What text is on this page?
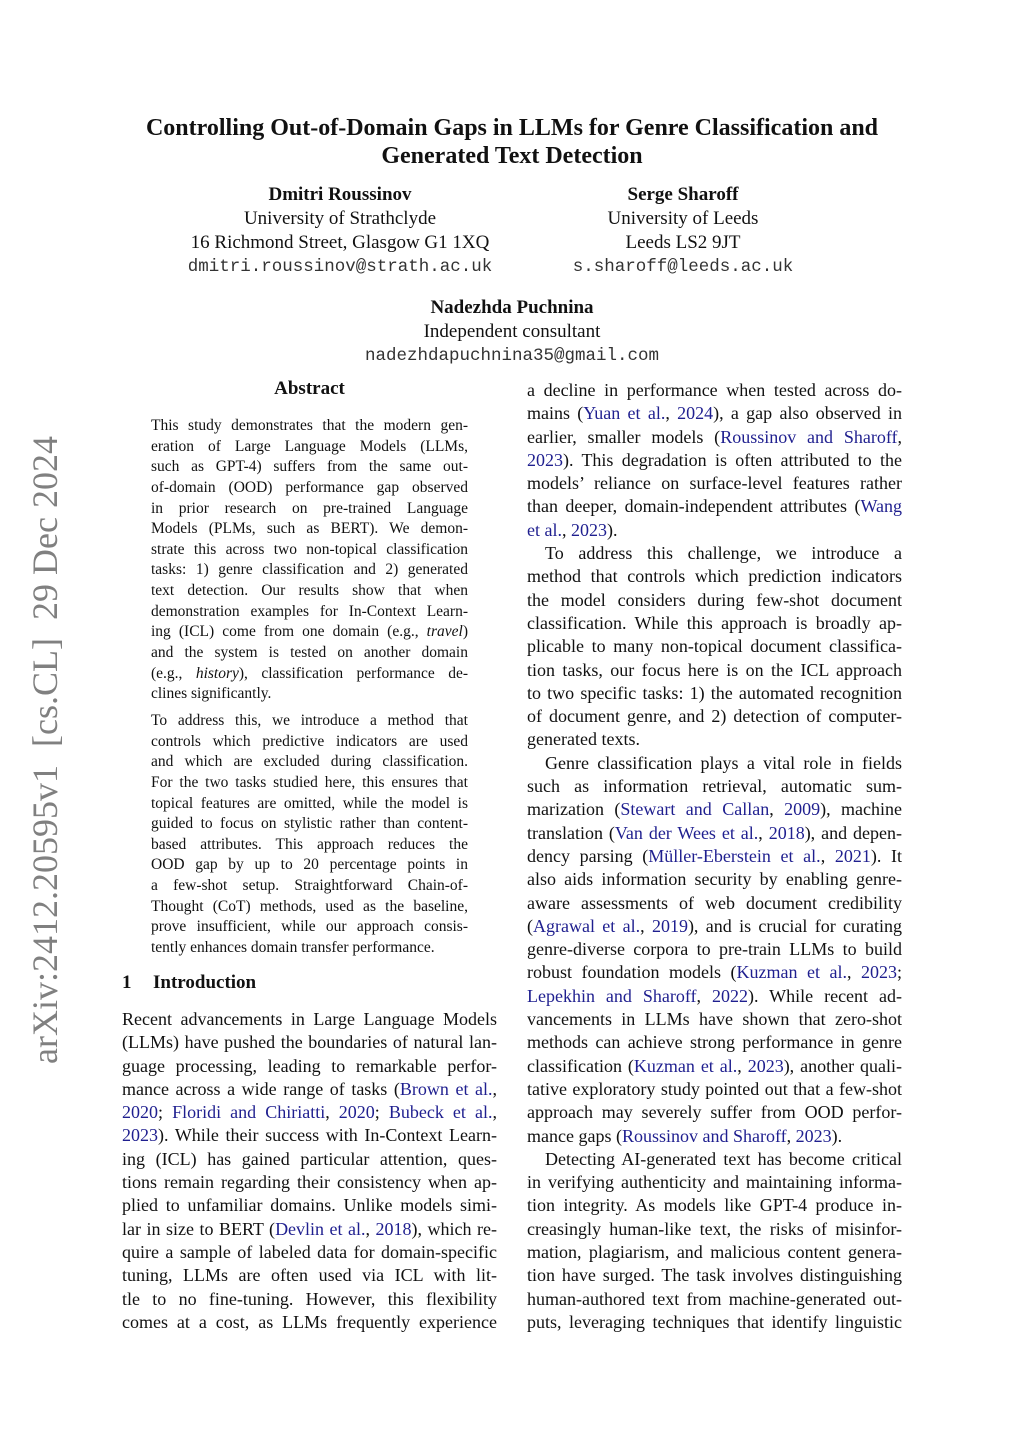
arXiv:2412.20595v1  [cs.CL]  29 Dec 2024
Controlling Out-of-Domain Gaps in LLMs for Genre Classification and
Generated Text Detection
Dmitri Roussinov
University of Strathclyde
16 Richmond Street, Glasgow G1 1XQ
dmitri.roussinov@strath.ac.uk
Serge Sharoff
University of Leeds
Leeds LS2 9JT
s.sharoff@leeds.ac.uk
Nadezhda Puchnina
Independent consultant
nadezhdapuchnina35@gmail.com
Abstract
This study demonstrates that the modern gen-
eration of Large Language Models (LLMs,
such as GPT-4) suffers from the same out-
of-domain (OOD) performance gap observed
in prior research on pre-trained Language
Models (PLMs, such as BERT). We demon-
strate this across two non-topical classification
tasks: 1) genre classification and 2) generated
text detection. Our results show that when
demonstration examples for In-Context Learn-
ing (ICL) come from one domain (e.g., travel)
and the system is tested on another domain
(e.g., history), classification performance de-
clines significantly.
To address this, we introduce a method that
controls which predictive indicators are used
and which are excluded during classification.
For the two tasks studied here, this ensures that
topical features are omitted, while the model is
guided to focus on stylistic rather than content-
based attributes. This approach reduces the
OOD gap by up to 20 percentage points in
a few-shot setup. Straightforward Chain-of-
Thought (CoT) methods, used as the baseline,
prove insufficient, while our approach consis-
tently enhances domain transfer performance.
1 Introduction
Recent advancements in Large Language Models
(LLMs) have pushed the boundaries of natural lan-
guage processing, leading to remarkable perfor-
mance across a wide range of tasks (Brown et al.,
2020; Floridi and Chiriatti, 2020; Bubeck et al.,
2023). While their success with In-Context Learn-
ing (ICL) has gained particular attention, ques-
tions remain regarding their consistency when ap-
plied to unfamiliar domains. Unlike models simi-
lar in size to BERT (Devlin et al., 2018), which re-
quire a sample of labeled data for domain-specific
tuning, LLMs are often used via ICL with lit-
tle to no fine-tuning. However, this flexibility
comes at a cost, as LLMs frequently experience
a decline in performance when tested across do-
mains (Yuan et al., 2024), a gap also observed in
earlier, smaller models (Roussinov and Sharoff,
2023). This degradation is often attributed to the
models’ reliance on surface-level features rather
than deeper, domain-independent attributes (Wang
et al., 2023).
To address this challenge, we introduce a
method that controls which prediction indicators
the model considers during few-shot document
classification. While this approach is broadly ap-
plicable to many non-topical document classifica-
tion tasks, our focus here is on the ICL approach
to two specific tasks: 1) the automated recognition
of document genre, and 2) detection of computer-
generated texts.
Genre classification plays a vital role in fields
such as information retrieval, automatic sum-
marization (Stewart and Callan, 2009), machine
translation (Van der Wees et al., 2018), and depen-
dency parsing (Müller-Eberstein et al., 2021). It
also aids information security by enabling genre-
aware assessments of web document credibility
(Agrawal et al., 2019), and is crucial for curating
genre-diverse corpora to pre-train LLMs to build
robust foundation models (Kuzman et al., 2023;
Lepekhin and Sharoff, 2022). While recent ad-
vancements in LLMs have shown that zero-shot
methods can achieve strong performance in genre
classification (Kuzman et al., 2023), another quali-
tative exploratory study pointed out that a few-shot
approach may severely suffer from OOD perfor-
mance gaps (Roussinov and Sharoff, 2023).
Detecting AI-generated text has become critical
in verifying authenticity and maintaining informa-
tion integrity. As models like GPT-4 produce in-
creasingly human-like text, the risks of misinfor-
mation, plagiarism, and malicious content genera-
tion have surged. The task involves distinguishing
human-authored text from machine-generated out-
puts, leveraging techniques that identify linguistic
